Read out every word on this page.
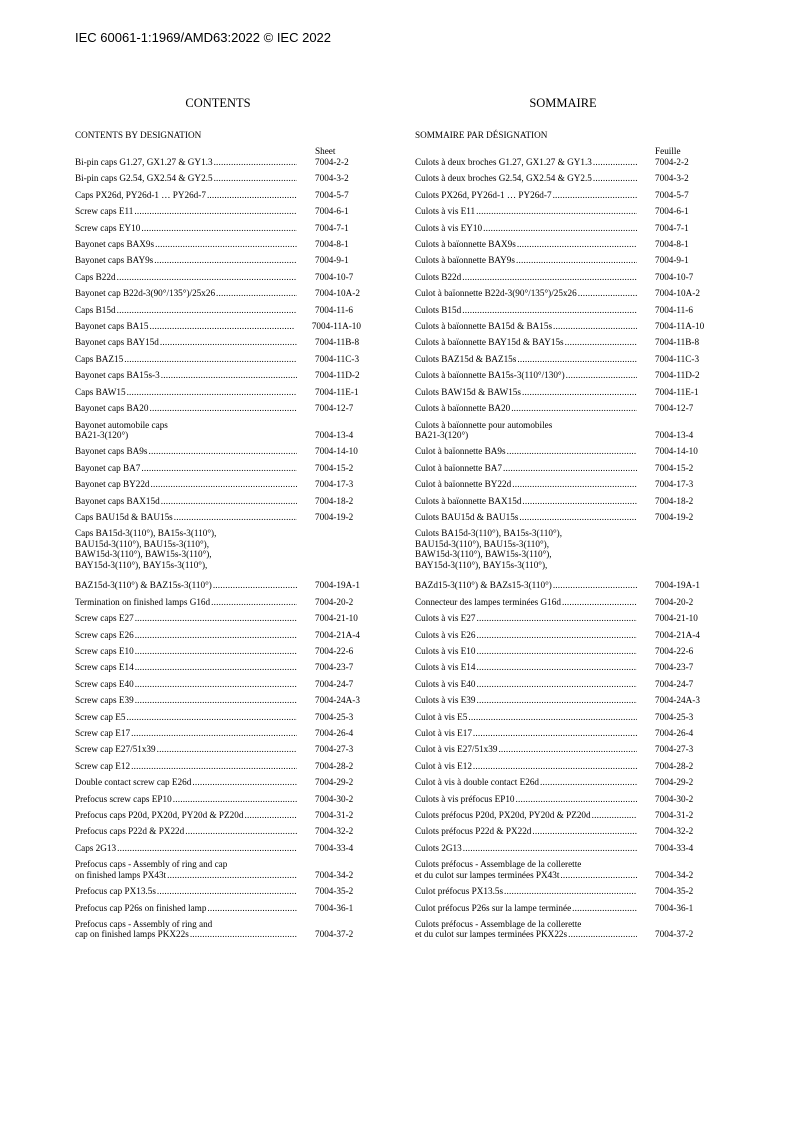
IEC 60061-1:1969/AMD63:2022 © IEC 2022
CONTENTS
CONTENTS BY DESIGNATION
Sheet
Bi-pin caps G1.27, GX1.27 & GY1.3 .....	7004-2-2
Bi-pin caps G2.54, GX2.54 & GY2.5 .....	7004-3-2
Caps PX26d, PY26d-1 … PY26d-7 .....	7004-5-7
Screw caps E11 .....	7004-6-1
Screw caps EY10 .....	7004-7-1
Bayonet caps BAX9s .....	7004-8-1
Bayonet caps BAY9s .....	7004-9-1
Caps B22d .....	7004-10-7
Bayonet cap B22d-3(90°/135°)/25x26 .....	7004-10A-2
Caps B15d .....	7004-11-6
Bayonet caps BA15 .....	7004-11A-10
Bayonet caps BAY15d .....	7004-11B-8
Caps BAZ15 .....	7004-11C-3
Bayonet caps BA15s-3 .....	7004-11D-2
Caps BAW15 .....	7004-11E-1
Bayonet caps BA20 .....	7004-12-7
Bayonet automobile caps
BA21-3(120°)	7004-13-4
Bayonet caps BA9s .....	7004-14-10
Bayonet cap BA7 .....	7004-15-2
Bayonet cap BY22d .....	7004-17-3
Bayonet caps BAX15d .....	7004-18-2
Caps BAU15d & BAU15s .....	7004-19-2
Caps BA15d-3(110°), BA15s-3(110°),
BAU15d-3(110°), BAU15s-3(110°),
BAW15d-3(110°), BAW15s-3(110°),
BAY15d-3(110°), BAY15s-3(110°),

BAZ15d-3(110°) & BAZ15s-3(110°) .....	7004-19A-1
Termination on finished lamps G16d .....	7004-20-2
Screw caps E27 .....	7004-21-10
Screw caps E26 .....	7004-21A-4
Screw caps E10 .....	7004-22-6
Screw caps E14 .....	7004-23-7
Screw caps E40 .....	7004-24-7
Screw caps E39 .....	7004-24A-3
Screw cap E5 .....	7004-25-3
Screw cap E17 .....	7004-26-4
Screw cap E27/51x39 .....	7004-27-3
Screw cap E12 .....	7004-28-2
Double contact screw cap E26d .....	7004-29-2
Prefocus screw caps EP10 .....	7004-30-2
Prefocus caps P20d, PX20d, PY20d & PZ20d .....	7004-31-2
Prefocus caps P22d & PX22d .....	7004-32-2
Caps 2G13 .....	7004-33-4
Prefocus caps - Assembly of ring and cap
on finished lamps PX43t .....	7004-34-2
Prefocus cap PX13.5s .....	7004-35-2
Prefocus cap P26s on finished lamp .....	7004-36-1
Prefocus caps - Assembly of ring and
cap on finished lamps PKX22s .....	7004-37-2
SOMMAIRE
SOMMAIRE PAR DÉSIGNATION
Feuille
Culots à deux broches G1.27, GX1.27 & GY1.3 .....	7004-2-2
Culots à deux broches G2.54, GX2.54 & GY2.5 .....	7004-3-2
Culots PX26d, PY26d-1 … PY26d-7 .....	7004-5-7
Culots à vis E11 .....	7004-6-1
Culots à vis EY10 .....	7004-7-1
Culots à baïonnette BAX9s .....	7004-8-1
Culots à baïonnette BAY9s .....	7004-9-1
Culots B22d .....	7004-10-7
Culot à baïonnette B22d-3(90°/135°)/25x26 .....	7004-10A-2
Culots B15d .....	7004-11-6
Culots à baïonnette BA15d & BA15s .....	7004-11A-10
Culots à baïonnette BAY15d & BAY15s .....	7004-11B-8
Culots BAZ15d & BAZ15s .....	7004-11C-3
Culots à baïonnette BA15s-3(110°/130°) .....	7004-11D-2
Culots BAW15d & BAW15s .....	7004-11E-1
Culots à baïonnette BA20 .....	7004-12-7
Culots à baïonnette pour automobiles
BA21-3(120°)	7004-13-4
Culot à baïonnette BA9s .....	7004-14-10
Culot à baïonnette BA7 .....	7004-15-2
Culot à baïonnette BY22d .....	7004-17-3
Culots à baïonnette BAX15d .....	7004-18-2
Culots BAU15d & BAU15s .....	7004-19-2
Culots BA15d-3(110°), BA15s-3(110°),
BAU15d-3(110°), BAU15s-3(110°),
BAW15d-3(110°), BAW15s-3(110°),
BAY15d-3(110°), BAY15s-3(110°),

BAZd15-3(110°) & BAZs15-3(110°) .....	7004-19A-1
Connecteur des lampes terminées G16d .....	7004-20-2
Culots à vis E27 .....	7004-21-10
Culots à vis E26 .....	7004-21A-4
Culots à vis E10 .....	7004-22-6
Culots à vis E14 .....	7004-23-7
Culots à vis E40 .....	7004-24-7
Culots à vis E39 .....	7004-24A-3
Culot à vis E5 .....	7004-25-3
Culot à vis E17 .....	7004-26-4
Culot à vis E27/51x39 .....	7004-27-3
Culot à vis E12 .....	7004-28-2
Culot à vis à double contact E26d .....	7004-29-2
Culots à vis préfocus EP10 .....	7004-30-2
Culots préfocus P20d, PX20d, PY20d & PZ20d .....	7004-31-2
Culots préfocus P22d & PX22d .....	7004-32-2
Culots 2G13 .....	7004-33-4
Culots préfocus - Assemblage de la collerette
et du culot sur lampes terminées PX43t .....	7004-34-2
Culot préfocus PX13.5s .....	7004-35-2
Culot préfocus P26s sur la lampe terminée .....	7004-36-1
Culots préfocus - Assemblage de la collerette
et du culot sur lampes terminées PKX22s .....	7004-37-2
